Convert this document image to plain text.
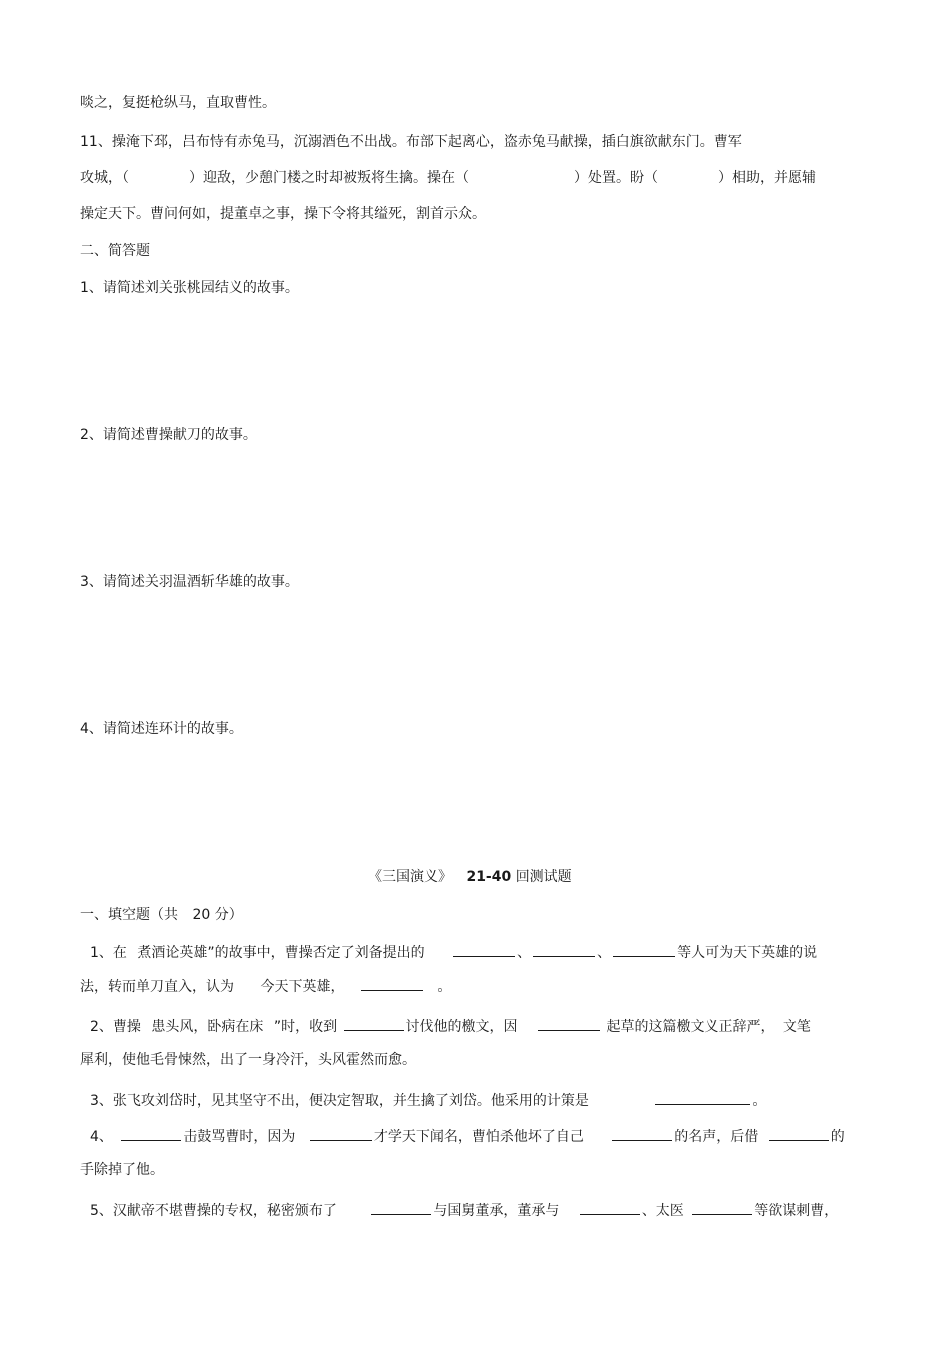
啖之，复挺枪纵马，直取曹性。
11、操淹下邳，吕布恃有赤兔马，沉溺酒色不出战。布部下起离心，盗赤兔马献操，插白旗欲献东门。曹军
攻城，（	）迎敌，少憩门楼之时却被叛将生擒。操在（	）处置。盼（	）相助，并愿辅
操定天下。曹问何如，提董卓之事，操下令将其缢死，割首示众。
二、简答题
1、请简述刘关张桃园结义的故事。
2、请简述曹操献刀的故事。
3、请简述关羽温酒斩华雄的故事。
4、请简述连环计的故事。
《三国演义》 21-40 回测试题
一、填空题（共 20 分）
1、在 煮酒论英雄”的故事中，曹操否定了刘备提出的	、	、	等人可为天下英雄的说
法，转而单刀直入，认为 今天下英雄，	。
2、曹操 患头风，卧病在床 ”时，收到	讨伐他的檄文，因	起草的这篇檄文义正辞严， 文笔
犀利，使他毛骨悚然，出了一身冷汗，头风霍然而愈。
3、张飞攻刘岱时，见其坚守不出，便决定智取，并生擒了刘岱。他采用的计策是	。
4、	击鼓骂曹时，因为	才学天下闻名，曹怕杀他坏了自己	的名声，后借	的
手除掉了他。
5、汉献帝不堪曹操的专权，秘密颁布了	与国舅董承，董承与	、太医	等欲谋刺曹，
